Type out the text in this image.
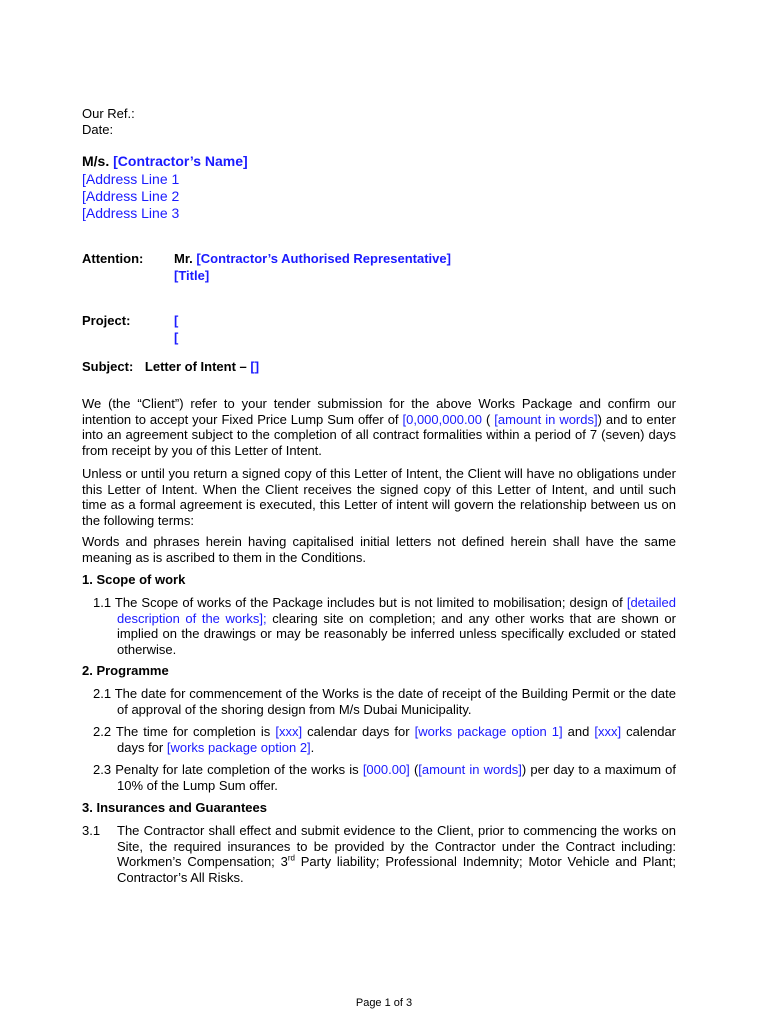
Our Ref.:
Date:
M/s. [Contractor’s Name]
[Address Line 1
[Address Line 2
[Address Line 3
Attention: Mr. [Contractor’s Authorised Representative]
[Title]
Project:	[
[
Subject: Letter of Intent – []

We (the “Client”) refer to your tender submission for the above Works Package and confirm our intention to accept your Fixed Price Lump Sum offer of [0,000,000.00 ( [amount in words]) and to enter into an agreement subject to the completion of all contract formalities within a period of 7 (seven) days from receipt by you of this Letter of Intent.

Unless or until you return a signed copy of this Letter of Intent, the Client will have no obligations under this Letter of Intent. When the Client receives the signed copy of this Letter of Intent, and until such time as a formal agreement is executed, this Letter of intent will govern the relationship between us on the following terms:

Words and phrases herein having capitalised initial letters not defined herein shall have the same meaning as is ascribed to them in the Conditions.

1. Scope of work

1.1 The Scope of works of the Package includes but is not limited to mobilisation; design of [detailed description of the works]; clearing site on completion; and any other works that are shown or implied on the drawings or may be reasonably be inferred unless specifically excluded or stated otherwise.

2. Programme

2.1 The date for commencement of the Works is the date of receipt of the Building Permit or the date of approval of the shoring design from M/s Dubai Municipality.

2.2 The time for completion is [xxx] calendar days for [works package option 1] and [xxx] calendar days for [works package option 2].

2.3 Penalty for late completion of the works is [000.00] ([amount in words]) per day to a maximum of 10% of the Lump Sum offer.

3. Insurances and Guarantees
3.1 The Contractor shall effect and submit evidence to the Client, prior to commencing the works on Site, the required insurances to be provided by the Contractor under the Contract including: Workmen’s Compensation; 3rd Party liability; Professional Indemnity; Motor Vehicle and Plant; Contractor’s All Risks.

Page 1 of 3
